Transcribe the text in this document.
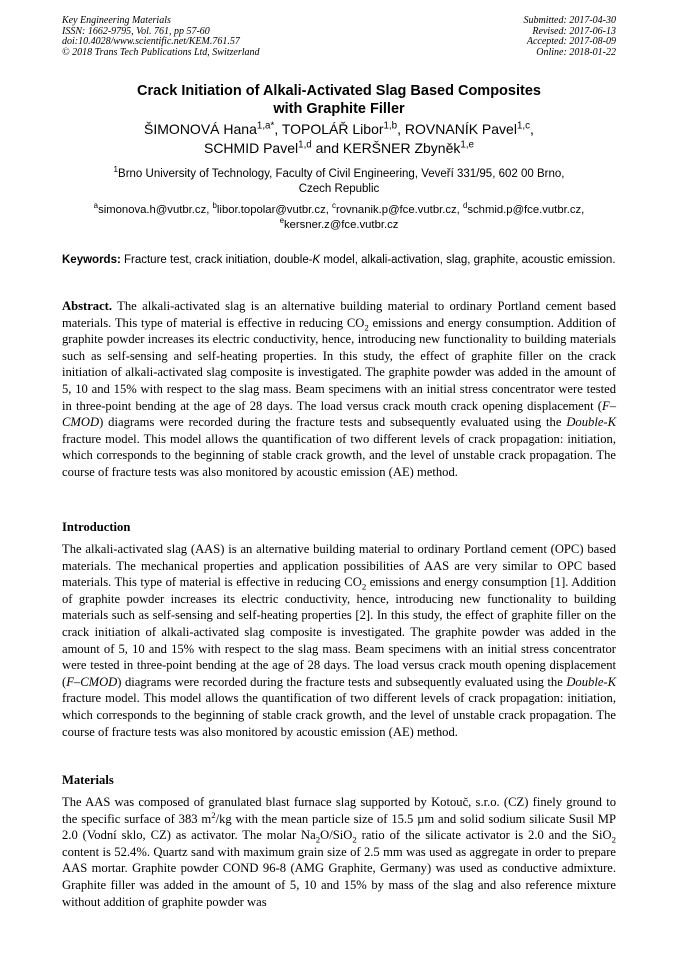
Key Engineering Materials
ISSN: 1662-9795, Vol. 761, pp 57-60
doi:10.4028/www.scientific.net/KEM.761.57
© 2018 Trans Tech Publications Ltd, Switzerland
Submitted: 2017-04-30
Revised: 2017-06-13
Accepted: 2017-08-09
Online: 2018-01-22
Crack Initiation of Alkali-Activated Slag Based Composites
with Graphite Filler
ŠIMONOVÁ Hana$^{1,a*}$, TOPOLÁŘ Libor$^{1,b}$, ROVNANÍK Pavel$^{1,c}$,
SCHMID Pavel$^{1,d}$ and KERŠNER Zbyněk$^{1,e}$
$^1$Brno University of Technology, Faculty of Civil Engineering, Veveří 331/95, 602 00 Brno,
Czech Republic
$^a$simonova.h@vutbr.cz, $^b$libor.topolar@vutbr.cz, $^c$rovnanik.p@fce.vutbr.cz, $^d$schmid.p@fce.vutbr.cz,
$^e$kersner.z@fce.vutbr.cz
Keywords: Fracture test, crack initiation, double-K model, alkali-activation, slag, graphite, acoustic emission.
Abstract. The alkali-activated slag is an alternative building material to ordinary Portland cement based materials. This type of material is effective in reducing $CO_2$ emissions and energy consumption. Addition of graphite powder increases its electric conductivity, hence, introducing new functionality to building materials such as self-sensing and self-heating properties. In this study, the effect of graphite filler on the crack initiation of alkali-activated slag composite is investigated. The graphite powder was added in the amount of 5, 10 and 15% with respect to the slag mass. Beam specimens with an initial stress concentrator were tested in three-point bending at the age of 28 days. The load versus crack mouth crack opening displacement (F–CMOD) diagrams were recorded during the fracture tests and subsequently evaluated using the Double-K fracture model. This model allows the quantification of two different levels of crack propagation: initiation, which corresponds to the beginning of stable crack growth, and the level of unstable crack propagation. The course of fracture tests was also monitored by acoustic emission (AE) method.
Introduction
The alkali-activated slag (AAS) is an alternative building material to ordinary Portland cement (OPC) based materials. The mechanical properties and application possibilities of AAS are very similar to OPC based materials. This type of material is effective in reducing $CO_2$ emissions and energy consumption [1]. Addition of graphite powder increases its electric conductivity, hence, introducing new functionality to building materials such as self-sensing and self-heating properties [2]. In this study, the effect of graphite filler on the crack initiation of alkali-activated slag composite is investigated. The graphite powder was added in the amount of 5, 10 and 15% with respect to the slag mass. Beam specimens with an initial stress concentrator were tested in three-point bending at the age of 28 days. The load versus crack mouth opening displacement (F–CMOD) diagrams were recorded during the fracture tests and subsequently evaluated using the Double-K fracture model. This model allows the quantification of two different levels of crack propagation: initiation, which corresponds to the beginning of stable crack growth, and the level of unstable crack propagation. The course of fracture tests was also monitored by acoustic emission (AE) method.
Materials
The AAS was composed of granulated blast furnace slag supported by Kotouč, s.r.o. (CZ) finely ground to the specific surface of 383 $m^2/kg$ with the mean particle size of 15.5 µm and solid sodium silicate Susil MP 2.0 (Vodní sklo, CZ) as activator. The molar $Na_2O/SiO_2$ ratio of the silicate activator is 2.0 and the SiO$_2$ content is 52.4%. Quartz sand with maximum grain size of 2.5 mm was used as aggregate in order to prepare AAS mortar. Graphite powder COND 96-8 (AMG Graphite, Germany) was used as conductive admixture. Graphite filler was added in the amount of 5, 10 and 15% by mass of the slag and also reference mixture without addition of graphite powder was
